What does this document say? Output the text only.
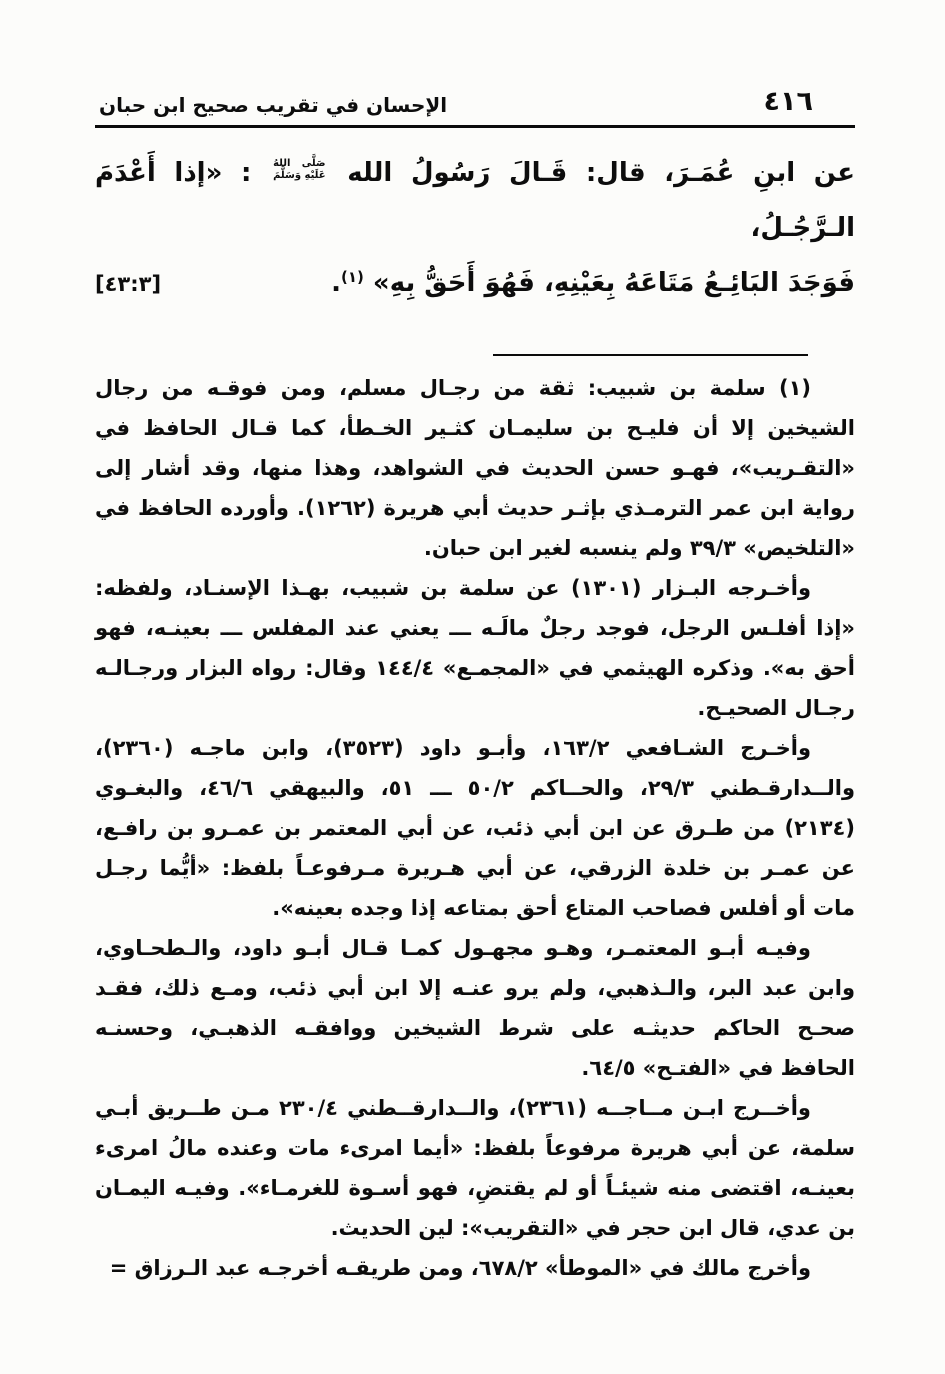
الإحسان في تقريب صحيح ابن حبان	٤١٦
عن ابنِ عُمَـرَ، قال: قَـالَ رَسُولُ الله
صَلَّى اللهُ
عَلَيْهِ وَسَلَّمَ
: «إذا أَعْدَمَ الـرَّجُـلُ،
[٤٣:٣]	فَوَجَدَ البَائِـعُ مَتَاعَهُ بِعَيْنِهِ، فَهُوَ أَحَقُّ بِهِ» $^{(١)}$.

(١) سلمة بن شبيب: ثقة من رجـال مسلم، ومن فوقـه من رجال الشيخين إلا أن فليـح بن سليمـان كثـير الخـطأ، كما قـال الحافظ في «التقـريب»، فهـو حسن الحديث في الشواهد، وهذا منها، وقد أشار إلى رواية ابن عمر الترمـذي بإثـر حديث أبي هريرة (١٢٦٢). وأورده الحافظ في «التلخيص» ٣٩/٣ ولم ينسبه لغير ابن حبان.

وأخـرجه البـزار (١٣٠١) عن سلمة بن شبيب، بهـذا الإسنـاد، ولفظه: «إذا أفلـس الرجل، فوجد رجلٌ مالَـه ـــ يعني عند المفلس ـــ بعينـه، فهو أحق به». وذكره الهيثمي في «المجمـع» ١٤٤/٤ وقال: رواه البزار ورجـالـه رجـال الصحيـح.

وأخـرج الشـافعي ١٦٣/٢، وأبـو داود (٣٥٢٣)، وابن ماجـه (٢٣٦٠)، والــدارقـطني ٢٩/٣، والحــاكم ٥٠/٢ ـــ ٥١، والبيهقي ٤٦/٦، والبغـوي (٢١٣٤) من طـرق عن ابن أبي ذئب، عن أبي المعتمر بن عمـرو بن رافـع، عن عمـر بن خلدة الزرقي، عن أبي هـريرة مـرفوعـاً بلفظ: «أيُّما رجـل مات أو أفلس فصاحب المتاع أحق بمتاعه إذا وجده بعينه».

وفيـه أبـو المعتمـر، وهـو مجهـول كمـا قـال أبـو داود، والـطحـاوي، وابن عبد البر، والـذهبي، ولم يرو عنـه إلا ابن أبي ذئب، ومـع ذلك، فقـد صحـح الحاكم حديثـه على شرط الشيخين ووافقـه الذهبـي، وحسنـه الحافظ في «الفتـح» ٦٤/٥.

وأخــرج ابـن مــاجــه (٢٣٦١)، والــدارقــطني ٢٣٠/٤ مـن طــريق أبـي سلمة، عن أبي هريرة مرفوعاً بلفظ: «أيما امرىء مات وعنده مالُ امرىء بعينـه، اقتضى منه شيئـاً أو لم يقتضِ، فهو أسـوة للغرمـاء». وفيـه اليمـان بن عدي، قال ابن حجر في «التقريب»: لين الحديث.

وأخرج مالك في «الموطأ» ٦٧٨/٢، ومن طريقـه أخرجـه عبد الـرزاق =
